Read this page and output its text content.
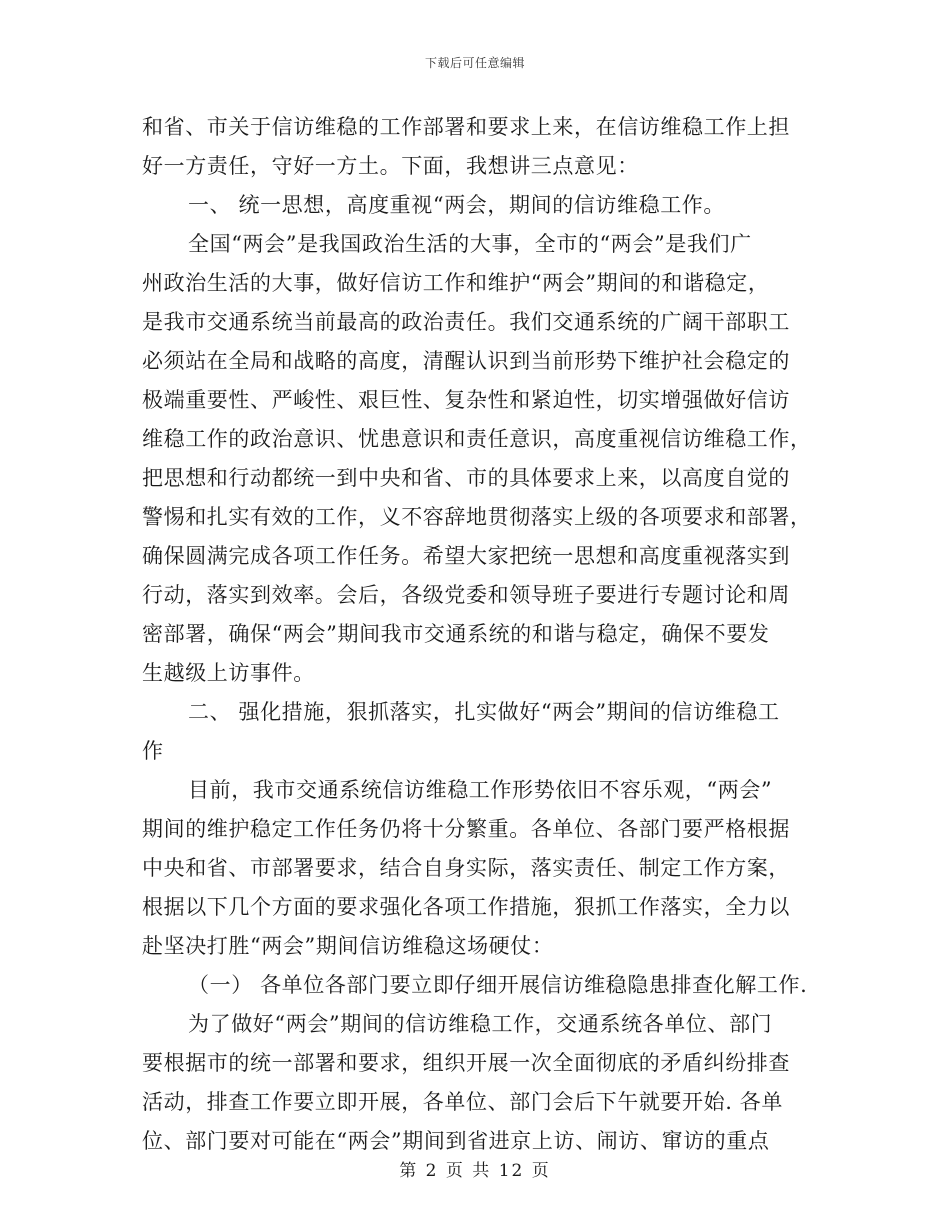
下载后可任意编辑
和省、市关于信访维稳的工作部署和要求上来，在信访维稳工作上担
好一方责任，守好一方土。下面，我想讲三点意见：
一、 统一思想，高度重视“两会，期间的信访维稳工作。
全国“两会”是我国政治生活的大事，全市的“两会”是我们广
州政治生活的大事，做好信访工作和维护“两会”期间的和谐稳定，
是我市交通系统当前最高的政治责任。我们交通系统的广阔干部职工
必须站在全局和战略的高度，清醒认识到当前形势下维护社会稳定的
极端重要性、严峻性、艰巨性、复杂性和紧迫性，切实增强做好信访
维稳工作的政治意识、忧患意识和责任意识，高度重视信访维稳工作，
把思想和行动都统一到中央和省、市的具体要求上来，以高度自觉的
警惕和扎实有效的工作，义不容辞地贯彻落实上级的各项要求和部署，
确保圆满完成各项工作任务。希望大家把统一思想和高度重视落实到
行动，落实到效率。会后，各级党委和领导班子要进行专题讨论和周
密部署，确保“两会”期间我市交通系统的和谐与稳定，确保不要发
生越级上访事件。
二、 强化措施，狠抓落实，扎实做好“两会”期间的信访维稳工
作
目前，我市交通系统信访维稳工作形势依旧不容乐观，“两会”
期间的维护稳定工作任务仍将十分繁重。各单位、各部门要严格根据
中央和省、市部署要求，结合自身实际，落实责任、制定工作方案，
根据以下几个方面的要求强化各项工作措施，狠抓工作落实，全力以
赴坚决打胜“两会”期间信访维稳这场硬仗：
（一） 各单位各部门要立即仔细开展信访维稳隐患排查化解工作.
为了做好“两会”期间的信访维稳工作，交通系统各单位、部门
要根据市的统一部署和要求，组织开展一次全面彻底的矛盾纠纷排查
活动，排查工作要立即开展，各单位、部门会后下午就要开始. 各单
位、部门要对可能在“两会”期间到省进京上访、闹访、窜访的重点
第 2 页 共 12 页
